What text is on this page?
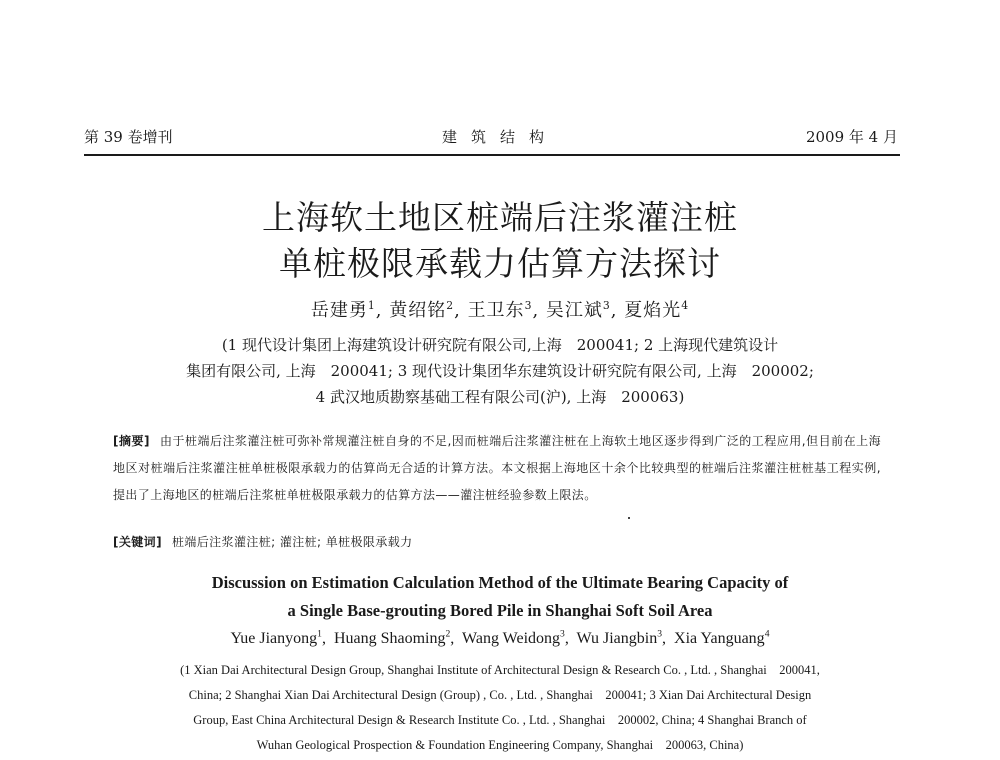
第 39 卷增刊	建筑结构	2009 年 4 月
上海软土地区桩端后注浆灌注桩
单桩极限承载力估算方法探讨
岳建勇$^1$, 黄绍铭$^2$, 王卫东$^3$, 吴江斌$^3$, 夏焰光$^4$
(1 现代设计集团上海建筑设计研究院有限公司,上海　200041; 2 上海现代建筑设计
集团有限公司, 上海　200041; 3 现代设计集团华东建筑设计研究院有限公司, 上海　200002;
4 武汉地质勘察基础工程有限公司(沪), 上海　200063)
[摘要] 由于桩端后注浆灌注桩可弥补常规灌注桩自身的不足,因而桩端后注浆灌注桩在上海软土地区逐步得到广泛的工程应用,但目前在上海地区对桩端后注浆灌注桩单桩极限承载力的估算尚无合适的计算方法。本文根据上海地区十余个比较典型的桩端后注浆灌注桩桩基工程实例,提出了上海地区的桩端后注浆桩单桩极限承载力的估算方法——灌注桩经验参数上限法。
[关键词] 桩端后注浆灌注桩; 灌注桩; 单桩极限承载力
Discussion on Estimation Calculation Method of the Ultimate Bearing Capacity of
a Single Base-grouting Bored Pile in Shanghai Soft Soil Area
Yue Jianyong$^1$,  Huang Shaoming$^2$,  Wang Weidong$^3$,  Wu Jiangbin$^3$,  Xia Yanguang$^4$
(1 Xian Dai Architectural Design Group, Shanghai Institute of Architectural Design & Research Co. , Ltd. , Shanghai　200041,
China; 2 Shanghai Xian Dai Architectural Design (Group) , Co. , Ltd. , Shanghai　200041; 3 Xian Dai Architectural Design
Group, East China Architectural Design & Research Institute Co. , Ltd. , Shanghai　200002, China; 4 Shanghai Branch of
Wuhan Geological Prospection & Foundation Engineering Company, Shanghai　200063, China)
